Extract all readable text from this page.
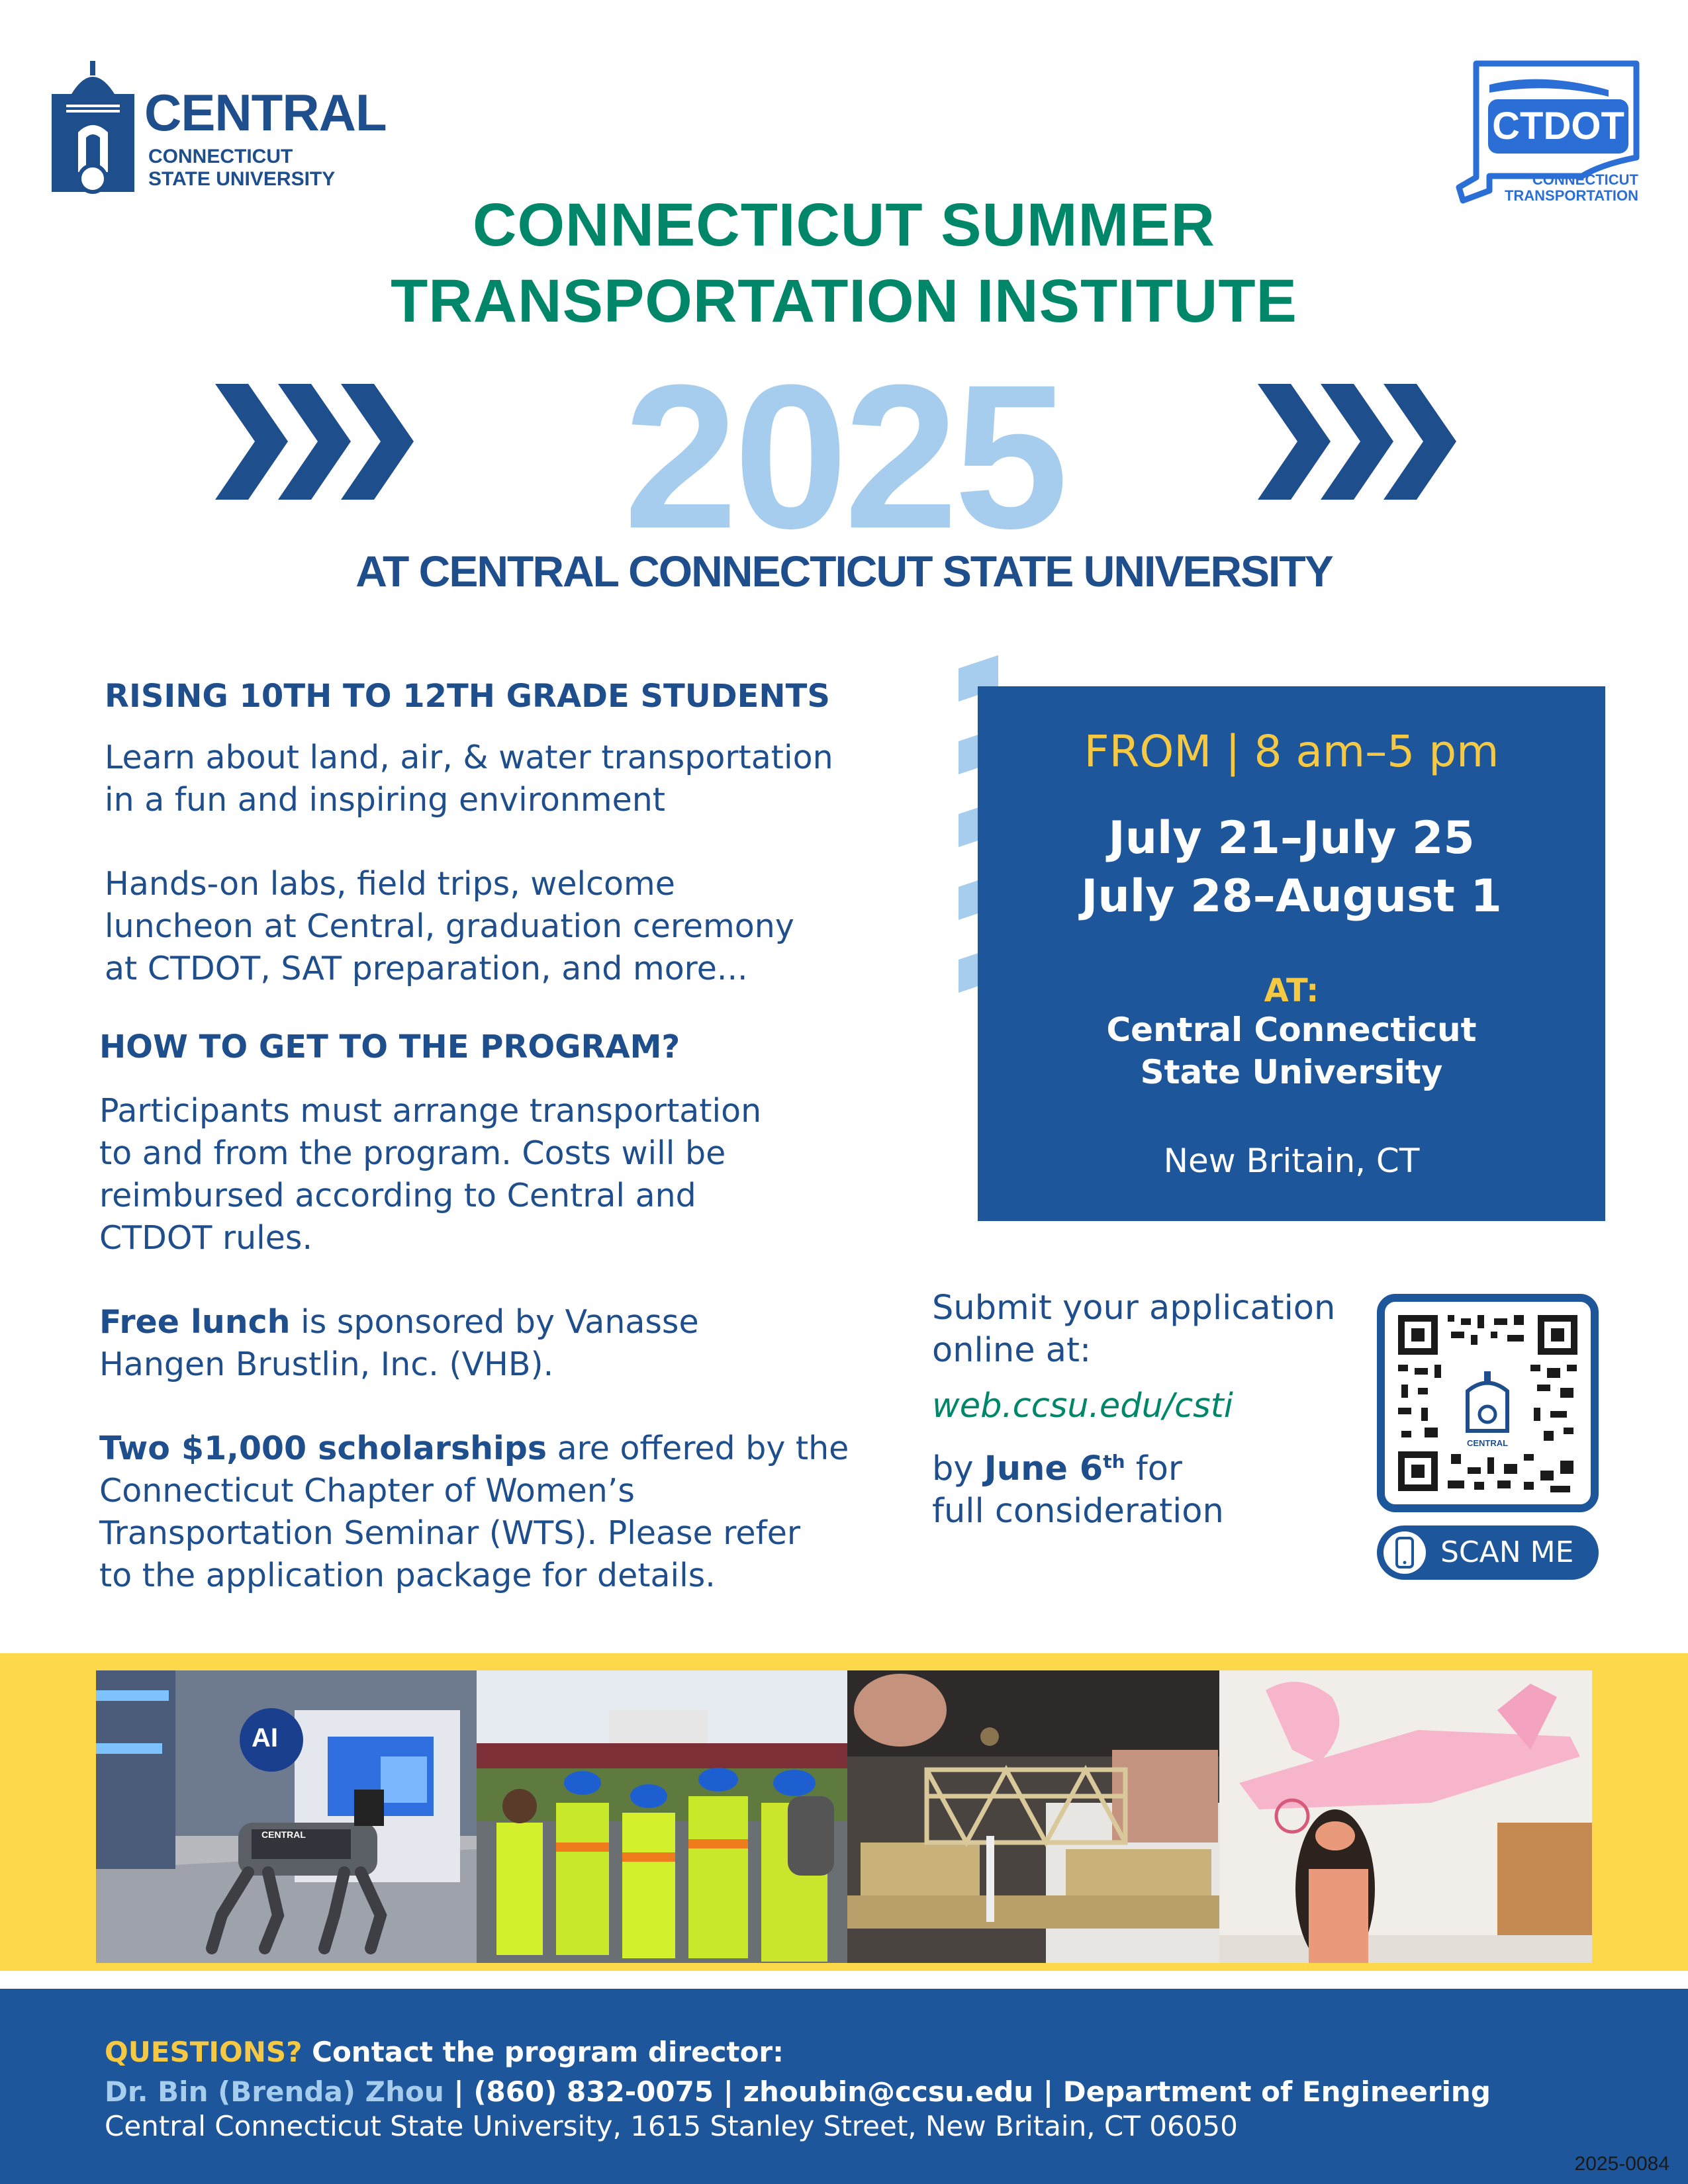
CENTRAL
CONNECTICUT
STATE UNIVERSITY
CTDOT
CONNECTICUT
TRANSPORTATION
CONNECTICUT SUMMER
TRANSPORTATION INSTITUTE
2025
AT CENTRAL CONNECTICUT STATE UNIVERSITY
RISING 10TH TO 12TH GRADE STUDENTS
Learn about land, air, & water transportation
in a fun and inspiring environment
Hands-on labs, field trips, welcome
luncheon at Central, graduation ceremony
at CTDOT, SAT preparation, and more...
HOW TO GET TO THE PROGRAM?
Participants must arrange transportation
to and from the program. Costs will be
reimbursed according to Central and
CTDOT rules.
Free lunch is sponsored by Vanasse
Hangen Brustlin, Inc. (VHB).
Two $1,000 scholarships are offered by the
Connecticut Chapter of Women’s
Transportation Seminar (WTS). Please refer
to the application package for details.
FROM | 8 am–5 pm
July 21–July 25
July 28–August 1
AT:
Central Connecticut
State University
New Britain, CT
Submit your application
online at:
web.ccsu.edu/csti
by June 6th for
full consideration
CENTRAL
SCAN ME
CENTRAL
AI
QUESTIONS? Contact the program director:
Dr. Bin (Brenda) Zhou | (860) 832-0075 | zhoubin@ccsu.edu | Department of Engineering
Central Connecticut State University, 1615 Stanley Street, New Britain, CT 06050
2025-0084
